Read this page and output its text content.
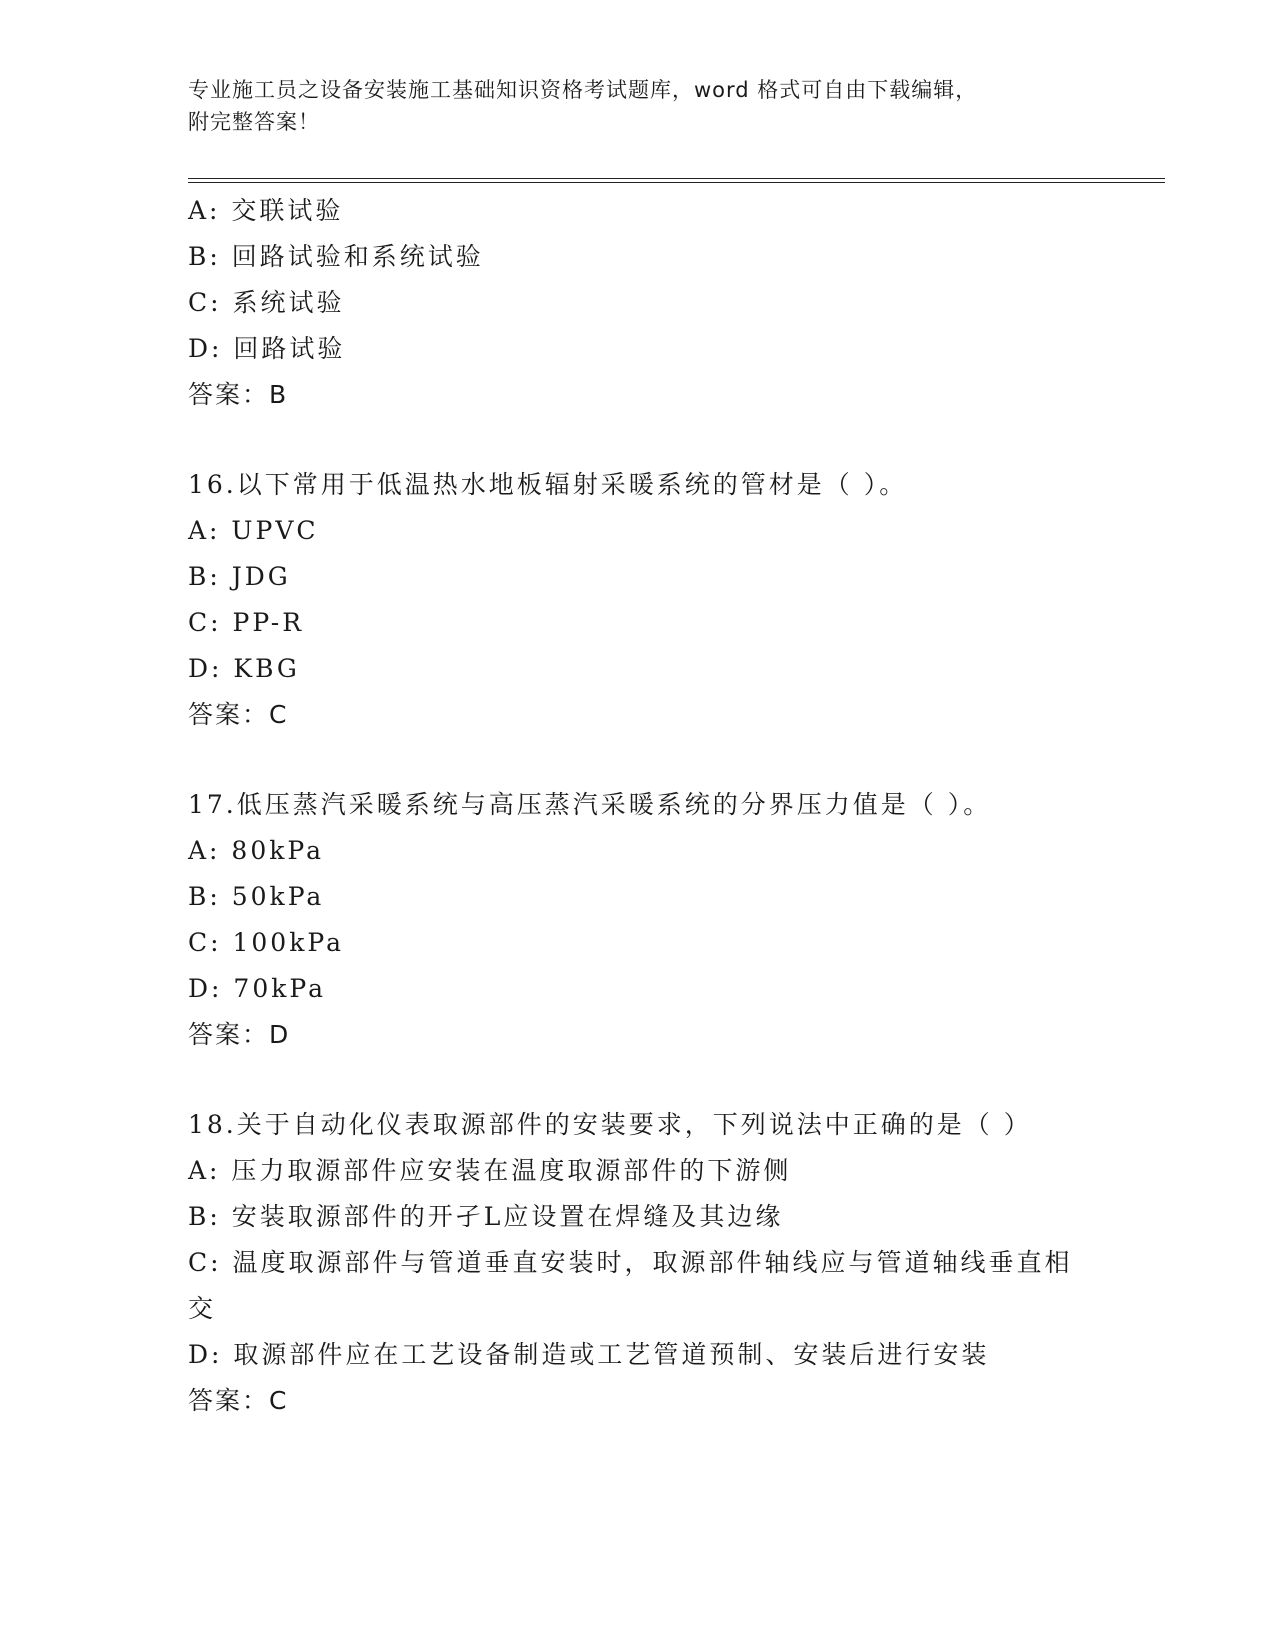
专业施工员之设备安装施工基础知识资格考试题库，word 格式可自由下载编辑，
附完整答案！
A: 交联试验
B: 回路试验和系统试验
C: 系统试验
D: 回路试验
答案：B
16.以下常用于低温热水地板辐射采暖系统的管材是（ ）。
A: UPVC
B: JDG
C: PP-R
D: KBG
答案：C
17.低压蒸汽采暖系统与高压蒸汽采暖系统的分界压力值是（ ）。
A: 80kPa
B: 50kPa
C: 100kPa
D: 70kPa
答案：D
18.关于自动化仪表取源部件的安装要求，下列说法中正确的是（ ）
A: 压力取源部件应安装在温度取源部件的下游侧
B: 安装取源部件的开孑L应设置在焊缝及其边缘
C: 温度取源部件与管道垂直安装时，取源部件轴线应与管道轴线垂直相交
D: 取源部件应在工艺设备制造或工艺管道预制、安装后进行安装
答案：C
